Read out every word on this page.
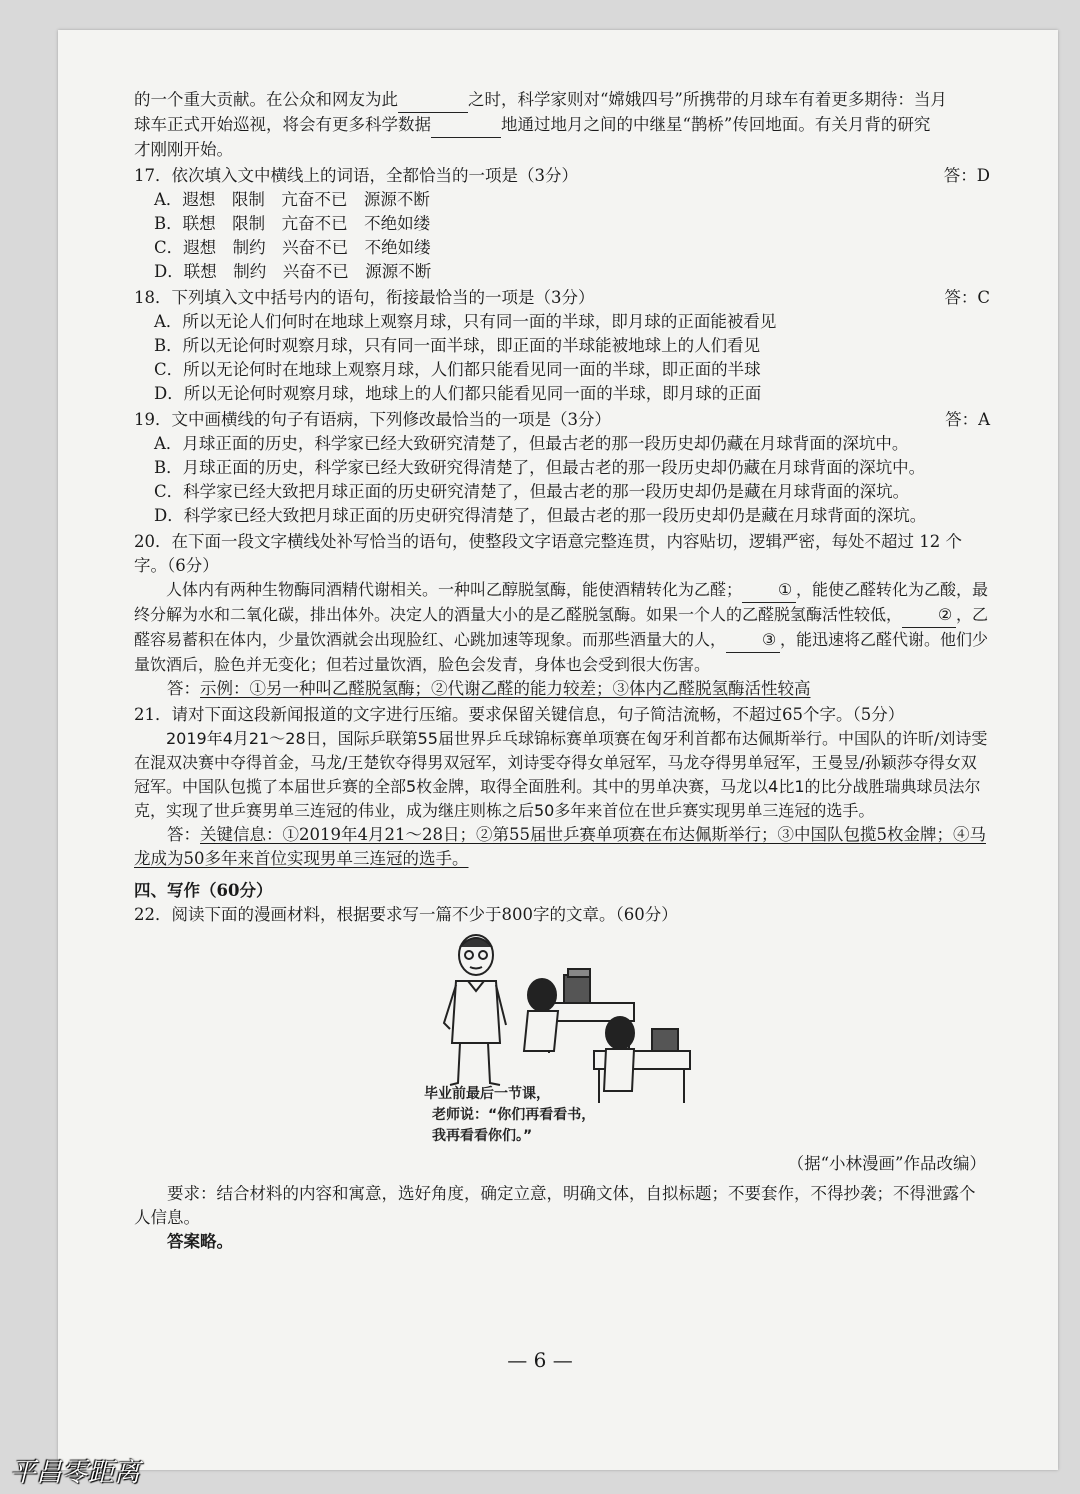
的一个重大贡献。在公众和网友为此	之时，科学家则对“嫦娥四号”所携带的月球车有着更多期待：当月
球车正式开始巡视，将会有更多科学数据	地通过地月之间的中继星“鹊桥”传回地面。有关月背的研究
才刚刚开始。

17．依次填入文中横线上的词语，全都恰当的一项是（3分）	答：D

A．遐想　限制　亢奋不已　源源不断

B．联想　限制　亢奋不已　不绝如缕

C．遐想　制约　兴奋不已　不绝如缕

D．联想　制约　兴奋不已　源源不断

18．下列填入文中括号内的语句，衔接最恰当的一项是（3分）	答：C

A．所以无论人们何时在地球上观察月球，只有同一面的半球，即月球的正面能被看见

B．所以无论何时观察月球，只有同一面半球，即正面的半球能被地球上的人们看见

C．所以无论何时在地球上观察月球，人们都只能看见同一面的半球，即正面的半球

D．所以无论何时观察月球，地球上的人们都只能看见同一面的半球，即月球的正面

19．文中画横线的句子有语病，下列修改最恰当的一项是（3分）	答：A

A．月球正面的历史，科学家已经大致研究清楚了，但最古老的那一段历史却仍藏在月球背面的深坑中。

B．月球正面的历史，科学家已经大致研究得清楚了，但最古老的那一段历史却仍藏在月球背面的深坑中。

C．科学家已经大致把月球正面的历史研究清楚了，但最古老的那一段历史却仍是藏在月球背面的深坑。

D．科学家已经大致把月球正面的历史研究得清楚了，但最古老的那一段历史却仍是藏在月球背面的深坑。

20．在下面一段文字横线处补写恰当的语句，使整段文字语意完整连贯，内容贴切，逻辑严密，每处不超过 12 个字。（6分）

人体内有两种生物酶同酒精代谢相关。一种叫乙醇脱氢酶，能使酒精转化为乙醛； ① ，能使乙醛转化为乙酸，最终分解为水和二氧化碳，排出体外。决定人的酒量大小的是乙醛脱氢酶。如果一个人的乙醛脱氢酶活性较低， ② ，乙醛容易蓄积在体内，少量饮酒就会出现脸红、心跳加速等现象。而那些酒量大的人， ③ ，能迅速将乙醛代谢。他们少量饮酒后，脸色并无变化；但若过量饮酒，脸色会发青，身体也会受到很大伤害。

答：示例：①另一种叫乙醛脱氢酶；②代谢乙醛的能力较差；③体内乙醛脱氢酶活性较高

21．请对下面这段新闻报道的文字进行压缩。要求保留关键信息，句子简洁流畅，不超过65个字。（5分）

2019年4月21～28日，国际乒联第55届世界乒乓球锦标赛单项赛在匈牙利首都布达佩斯举行。中国队的许昕/刘诗雯在混双决赛中夺得首金，马龙/王楚钦夺得男双冠军，刘诗雯夺得女单冠军，马龙夺得男单冠军，王曼昱/孙颖莎夺得女双冠军。中国队包揽了本届世乒赛的全部5枚金牌，取得全面胜利。其中的男单决赛，马龙以4比1的比分战胜瑞典球员法尔克，实现了世乒赛男单三连冠的伟业，成为继庄则栋之后50多年来首位在世乒赛实现男单三连冠的选手。

答：关键信息：①2019年4月21～28日；②第55届世乒赛单项赛在布达佩斯举行；③中国队包揽5枚金牌；④马龙成为50多年来首位实现男单三连冠的选手。

四、写作（60分）

22．阅读下面的漫画材料，根据要求写一篇不少于800字的文章。（60分）

毕业前最后一节课，
老师说：“你们再看看书，
我再看看你们。”

（据“小林漫画”作品改编）

要求：结合材料的内容和寓意，选好角度，确定立意，明确文体，自拟标题；不要套作，不得抄袭；不得泄露个人信息。

答案略。

— 6 —
平昌零距离
